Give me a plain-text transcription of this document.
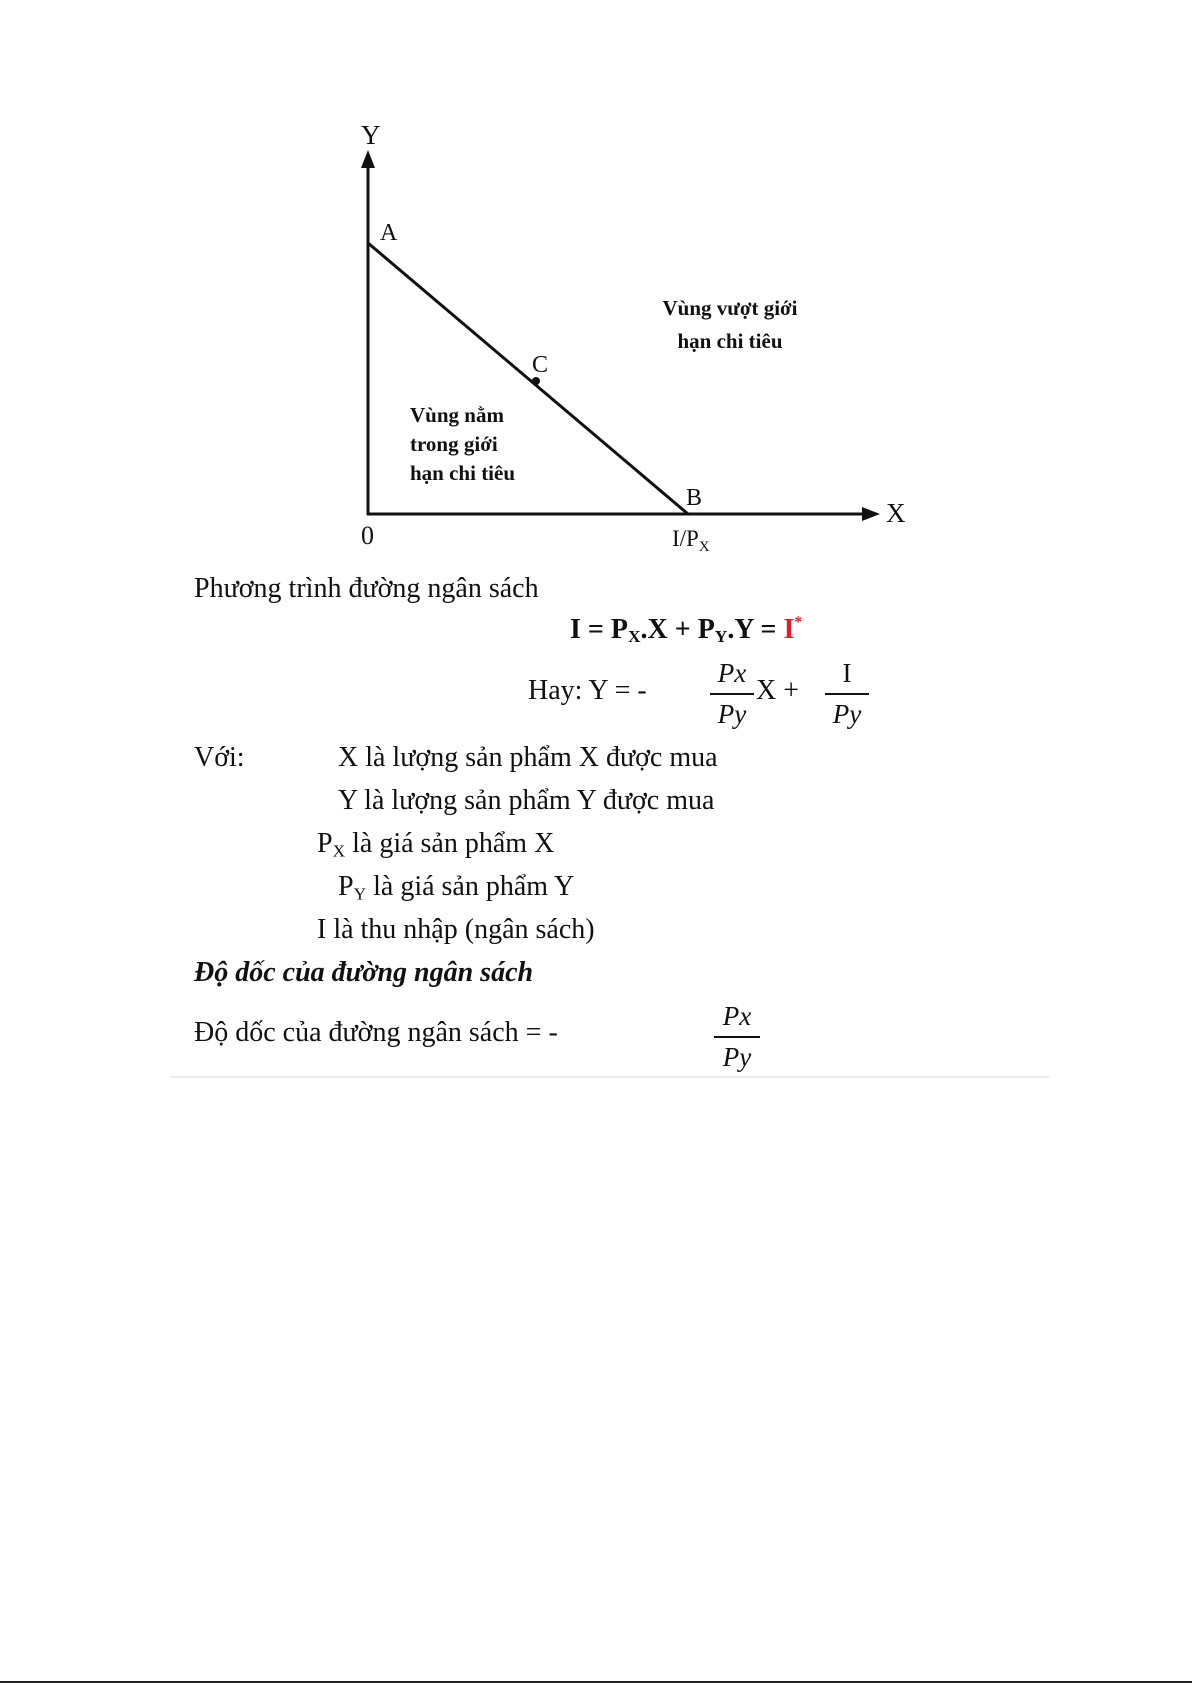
Y
X
0
A
B
C
$I/P_X$
Vùng vượt giới
hạn chi tiêu
Vùng nằm
trong giới
hạn chi tiêu
Phương trình đường ngân sách
$I = P_X.X + P_Y.Y = I^*$
Hay: Y = -
Px
Py
X +
I
Py
Với:	X là lượng sản phẩm X được mua
Y là lượng sản phẩm Y được mua
$P_X$ là giá sản phẩm X
$P_Y$ là giá sản phẩm Y
I là thu nhập (ngân sách)
Độ dốc của đường ngân sách
Độ dốc của đường ngân sách = -
Px
Py
